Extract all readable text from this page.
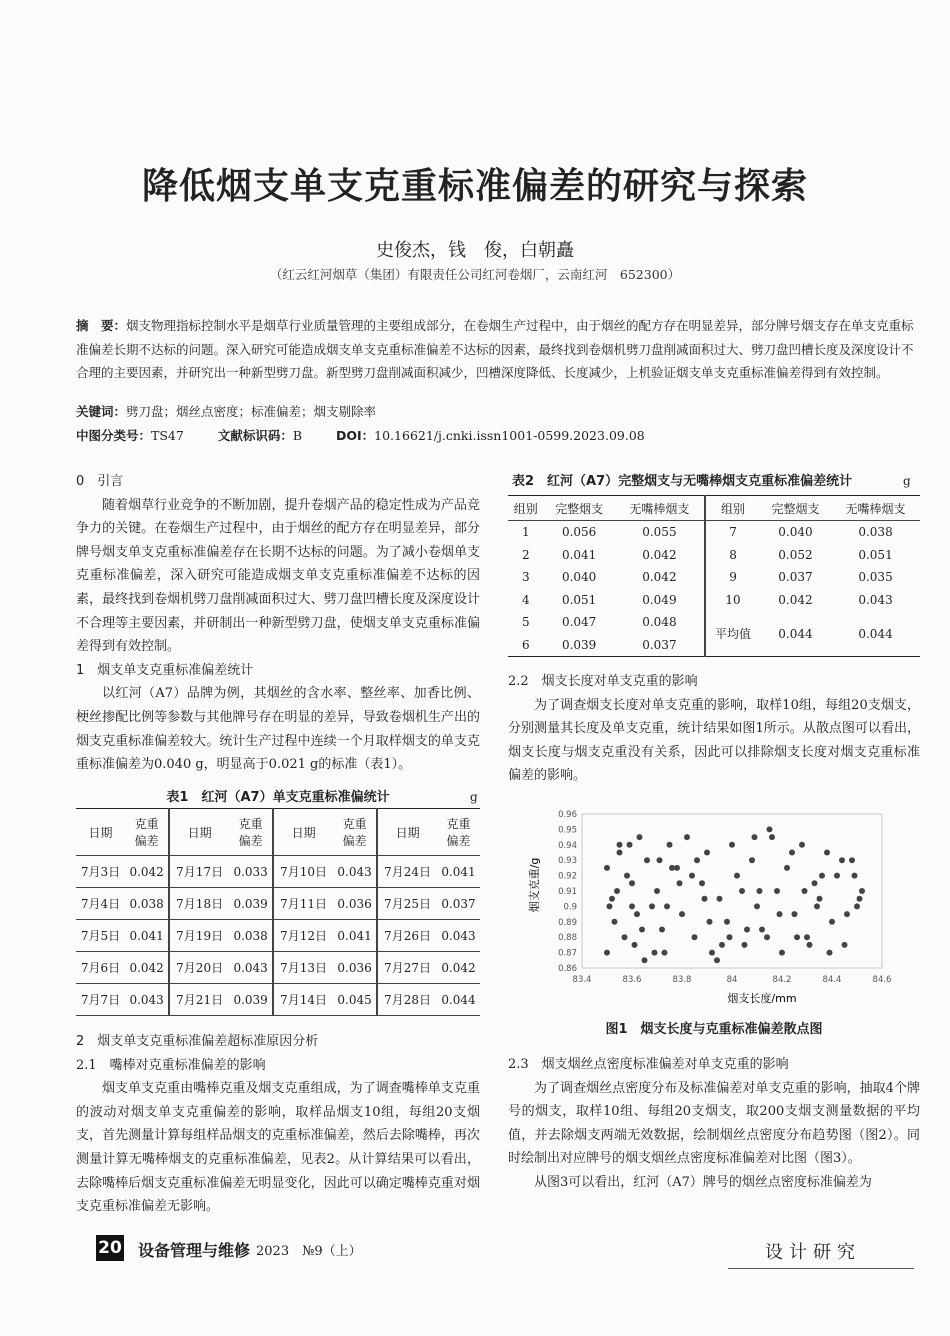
降低烟支单支克重标准偏差的研究与探索
史俊杰，钱　俊，白朝矗
（红云红河烟草（集团）有限责任公司红河卷烟厂，云南红河　652300）
摘　要：烟支物理指标控制水平是烟草行业质量管理的主要组成部分，在卷烟生产过程中，由于烟丝的配方存在明显差异，部分牌号烟支存在单支克重标准偏差长期不达标的问题。深入研究可能造成烟支单支克重标准偏差不达标的因素，最终找到卷烟机劈刀盘削减面积过大、劈刀盘凹槽长度及深度设计不合理的主要因素，并研究出一种新型劈刀盘。新型劈刀盘削减面积减少，凹槽深度降低、长度减少，上机验证烟支单支克重标准偏差得到有效控制。
关键词：劈刀盘；烟丝点密度；标准偏差；烟支剔除率
中图分类号：TS47	文献标识码：B	DOI：10.16621/j.cnki.issn1001-0599.2023.09.08
0　引言
随着烟草行业竞争的不断加剧，提升卷烟产品的稳定性成为产品竞争力的关键。在卷烟生产过程中，由于烟丝的配方存在明显差异，部分牌号烟支单支克重标准偏差存在长期不达标的问题。为了减小卷烟单支克重标准偏差，深入研究可能造成烟支单支克重标准偏差不达标的因素，最终找到卷烟机劈刀盘削减面积过大、劈刀盘凹槽长度及深度设计不合理等主要因素，并研制出一种新型劈刀盘，使烟支单支克重标准偏差得到有效控制。
1　烟支单支克重标准偏差统计
以红河（A7）品牌为例，其烟丝的含水率、整丝率、加香比例、梗丝掺配比例等参数与其他牌号存在明显的差异，导致卷烟机生产出的烟支克重标准偏差较大。统计生产过程中连续一个月取样烟支的单支克重标准偏差为0.040 g，明显高于0.021 g的标准（表1）。
表1　红河（A7）单支克重标准偏统计	g
日期	克重
偏差	日期	克重
偏差	日期	克重
偏差	日期	克重
偏差
7月3日	0.042	7月17日	0.033	7月10日	0.043	7月24日	0.041
7月4日	0.038	7月18日	0.039	7月11日	0.036	7月25日	0.037
7月5日	0.041	7月19日	0.038	7月12日	0.041	7月26日	0.043
7月6日	0.042	7月20日	0.043	7月13日	0.036	7月27日	0.042
7月7日	0.043	7月21日	0.039	7月14日	0.045	7月28日	0.044
2　烟支单支克重标准偏差超标准原因分析
2.1　嘴棒对克重标准偏差的影响
烟支单支克重由嘴棒克重及烟支克重组成，为了调查嘴棒单支克重的波动对烟支单支克重偏差的影响，取样品烟支10组，每组20支烟支，首先测量计算每组样品烟支的克重标准偏差，然后去除嘴棒，再次测量计算无嘴棒烟支的克重标准偏差，见表2。从计算结果可以看出，去除嘴棒后烟支克重标准偏差无明显变化，因此可以确定嘴棒克重对烟支克重标准偏差无影响。
表2　红河（A7）完整烟支与无嘴棒烟支克重标准偏差统计	g
组别	完整烟支	无嘴棒烟支	组别	完整烟支	无嘴棒烟支
1	0.056	0.055	7	0.040	0.038
2	0.041	0.042	8	0.052	0.051
3	0.040	0.042	9	0.037	0.035
4	0.051	0.049	10	0.042	0.043
5	0.047	0.048	平均值	0.044	0.044
6	0.039	0.037			
2.2　烟支长度对单支克重的影响
为了调查烟支长度对单支克重的影响，取样10组，每组20支烟支，分别测量其长度及单支克重，统计结果如图1所示。从散点图可以看出，烟支长度与烟支克重没有关系，因此可以排除烟支长度对烟支克重标准偏差的影响。
0.86
0.87
0.88
0.89
0.9
0.91
0.92
0.93
0.94
0.95
0.96
83.4	83.6	83.8	84	84.2	84.4	84.6
烟支长度/mm
烟支克重/g
图1　烟支长度与克重标准偏差散点图
2.3　烟支烟丝点密度标准偏差对单支克重的影响
为了调查烟丝点密度分布及标准偏差对单支克重的影响，抽取4个牌号的烟支，取样10组、每组20支烟支，取200支烟支测量数据的平均值，并去除烟支两端无效数据，绘制烟丝点密度分布趋势图（图2）。同时绘制出对应牌号的烟支烟丝点密度标准偏差对比图（图3）。
从图3可以看出，红河（A7）牌号的烟丝点密度标准偏差为
20 设备管理与维修 2023　№9（上）	设计研究
